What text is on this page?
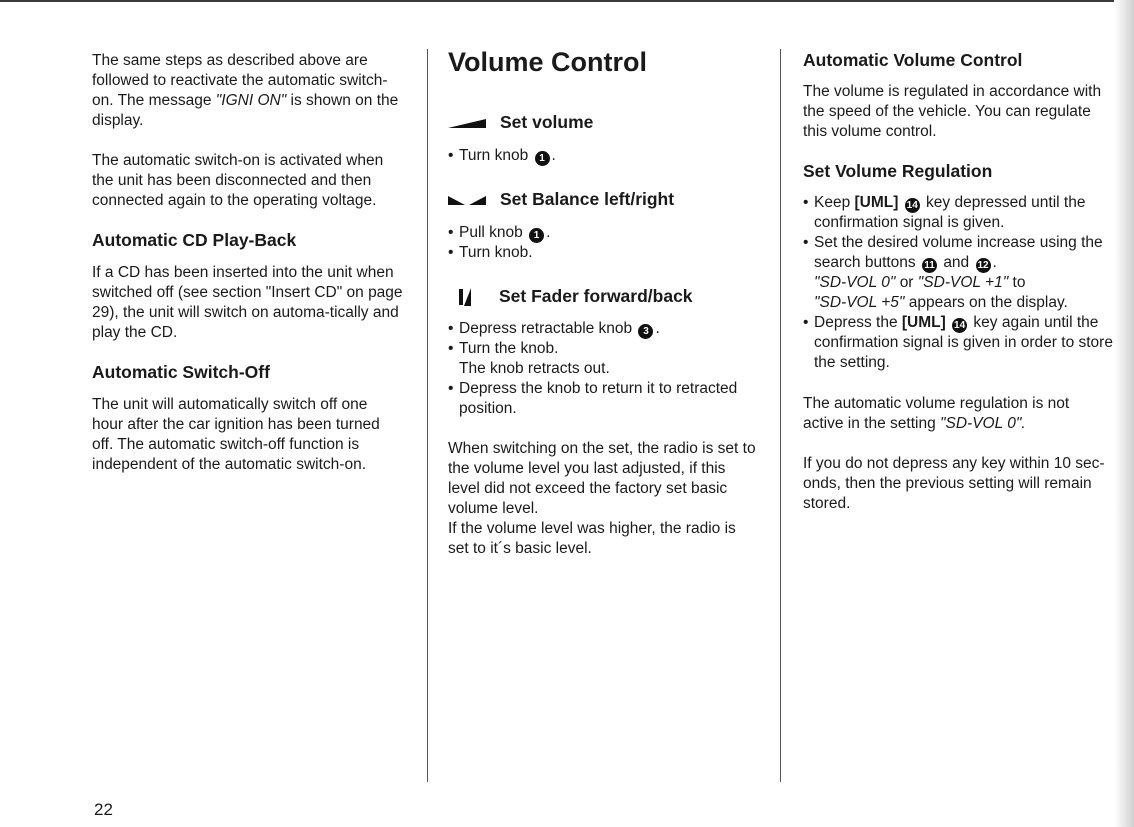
The same steps as described above are followed to reactivate the automatic switch-on. The message "IGNI ON" is shown on the display.

The automatic switch-on is activated when the unit has been disconnected and then connected again to the operating voltage.

Automatic CD Play-Back

If a CD has been inserted into the unit when switched off (see section "Insert CD" on page 29), the unit will switch on automa-tically and play the CD.

Automatic Switch-Off

The unit will automatically switch off one hour after the car ignition has been turned off. The automatic switch-off function is independent of the automatic switch-on.

Volume Control
Set volume
• Turn knob 1 .
Set Balance left/right
• Pull knob 1 .
• Turn knob.
Set Fader forward/back
• Depress retractable knob 3 .
• Turn the knob.
The knob retracts out.
• Depress the knob to return it to retracted position.

When switching on the set, the radio is set to the volume level you last adjusted, if this level did not exceed the factory set basic volume level.

If the volume level was higher, the radio is set to it´s basic level.

Automatic Volume Control

The volume is regulated in accordance with the speed of the vehicle. You can regulate this volume control.

Set Volume Regulation
• Keep [UML] 14 key depressed until the confirmation signal is given.
• Set the desired volume increase using the search buttons 11 and 12 .
"SD-VOL 0" or "SD-VOL +1" to
"SD-VOL +5" appears on the display.
• Depress the [UML] 14 key again until the confirmation signal is given in order to store the setting.

The automatic volume regulation is not active in the setting "SD-VOL 0".

If you do not depress any key within 10 sec-onds, then the previous setting will remain stored.

22
